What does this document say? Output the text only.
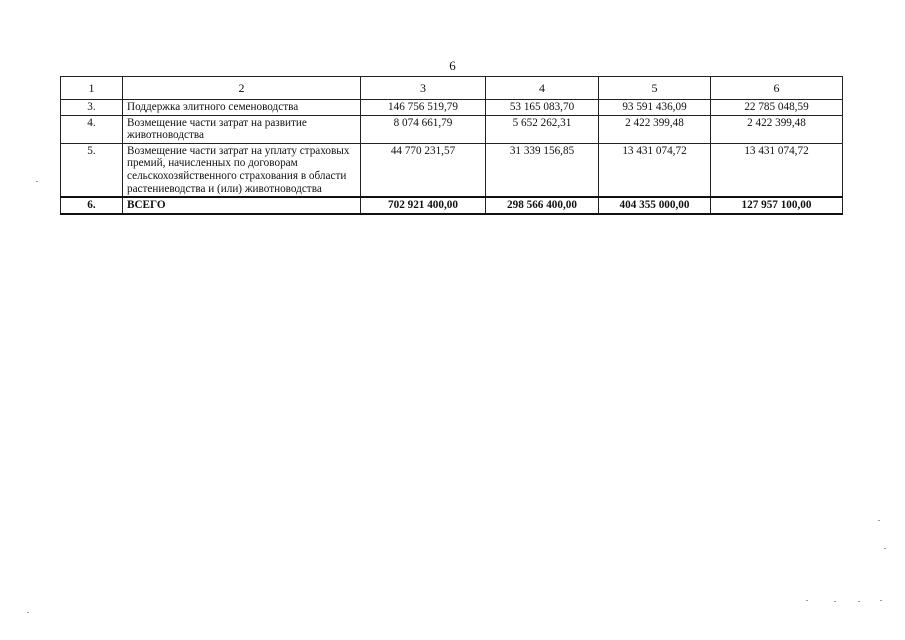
6
1	2	3	4	5	6
3.	Поддержка элитного семеноводства	146 756 519,79	53 165 083,70	93 591 436,09	22 785 048,59
4.	Возмещение части затрат на развитие животноводства	8 074 661,79	5 652 262,31	2 422 399,48	2 422 399,48
5.	Возмещение части затрат на уплату страховых премий, начисленных по договорам сельскохозяйственного страхования в области растениеводства и (или) животноводства	44 770 231,57	31 339 156,85	13 431 074,72	13 431 074,72
6.	ВСЕГО	702 921 400,00	298 566 400,00	404 355 000,00	127 957 100,00
